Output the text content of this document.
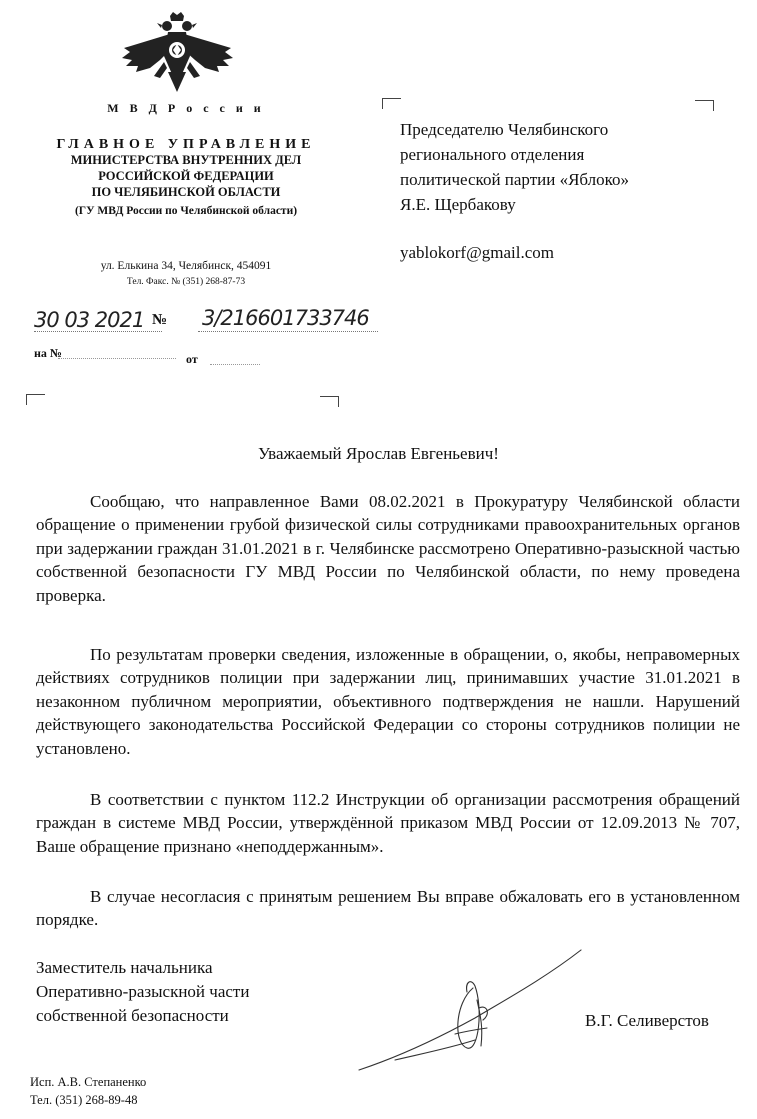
М В Д Р о с с и и
ГЛАВНОЕ УПРАВЛЕНИЕ
МИНИСТЕРСТВА ВНУТРЕННИХ ДЕЛ
РОССИЙСКОЙ ФЕДЕРАЦИИ
ПО ЧЕЛЯБИНСКОЙ ОБЛАСТИ
(ГУ МВД России по Челябинской области)
ул. Елькина 34, Челябинск, 454091
Тел. Факс. № (351) 268-87-73
30 03 2021 № 3/216601733746
на №	от
Председателю Челябинского
регионального отделения
политической партии «Яблоко»
Я.Е. Щербакову
yablokorf@gmail.com
Уважаемый Ярослав Евгеньевич!

Сообщаю, что направленное Вами 08.02.2021 в Прокуратуру Челябинской области обращение о применении грубой физической силы сотрудниками правоохранительных органов при задержании граждан 31.01.2021 в г. Челябинске рассмотрено Оперативно-разыскной частью собственной безопасности ГУ МВД России по Челябинской области, по нему проведена проверка.

По результатам проверки сведения, изложенные в обращении, о, якобы, неправомерных действиях сотрудников полиции при задержании лиц, принимавших участие 31.01.2021 в незаконном публичном мероприятии, объективного подтверждения не нашли. Нарушений действующего законодательства Российской Федерации со стороны сотрудников полиции не установлено.

В соответствии с пунктом 112.2 Инструкции об организации рассмотрения обращений граждан в системе МВД России, утверждённой приказом МВД России от 12.09.2013 № 707, Ваше обращение признано «неподдержанным».

В случае несогласия с принятым решением Вы вправе обжаловать его в установленном порядке.

Заместитель начальника
Оперативно-разыскной части
собственной безопасности	В.Г. Селиверстов
Исп. А.В. Степаненко
Тел. (351) 268-89-48
